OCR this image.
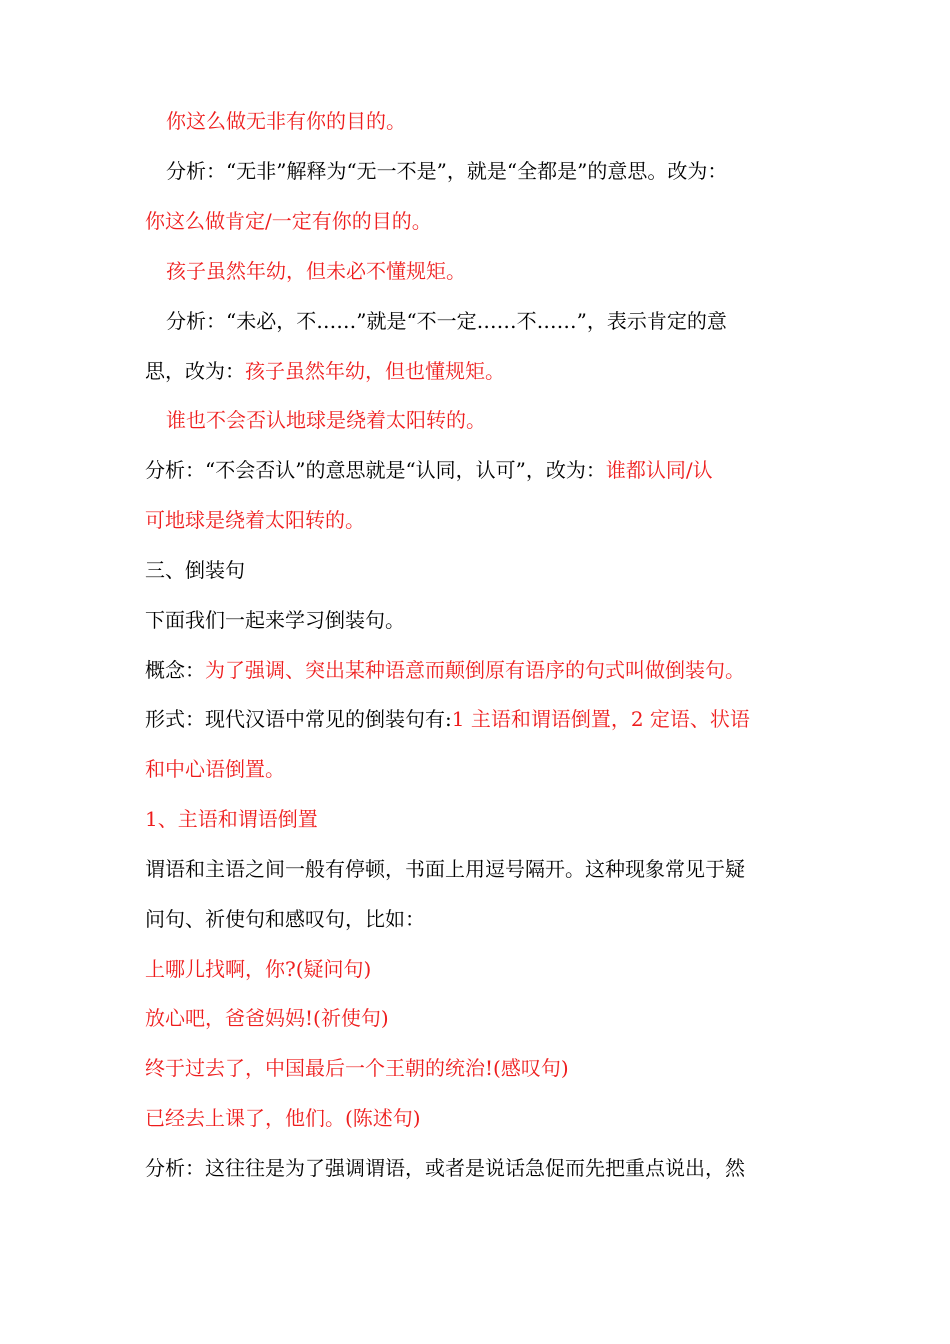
你这么做无非有你的目的。
分析：“无非”解释为“无一不是”，就是“全都是”的意思。改为：
你这么做肯定/一定有你的目的。
孩子虽然年幼，但未必不懂规矩。
分析：“未必，不……”就是“不一定……不……”，表示肯定的意
思，改为：孩子虽然年幼，但也懂规矩。
谁也不会否认地球是绕着太阳转的。
分析：“不会否认”的意思就是“认同，认可”，改为：谁都认同/认
可地球是绕着太阳转的。
三、倒装句
下面我们一起来学习倒装句。
概念：为了强调、突出某种语意而颠倒原有语序的句式叫做倒装句。
形式：现代汉语中常见的倒装句有:1 主语和谓语倒置，2 定语、状语
和中心语倒置。
1、主语和谓语倒置
谓语和主语之间一般有停顿，书面上用逗号隔开。这种现象常见于疑
问句、祈使句和感叹句，比如：
上哪儿找啊，你?(疑问句)
放心吧，爸爸妈妈!(祈使句)
终于过去了，中国最后一个王朝的统治!(感叹句)
已经去上课了，他们。(陈述句)
分析：这往往是为了强调谓语，或者是说话急促而先把重点说出，然
